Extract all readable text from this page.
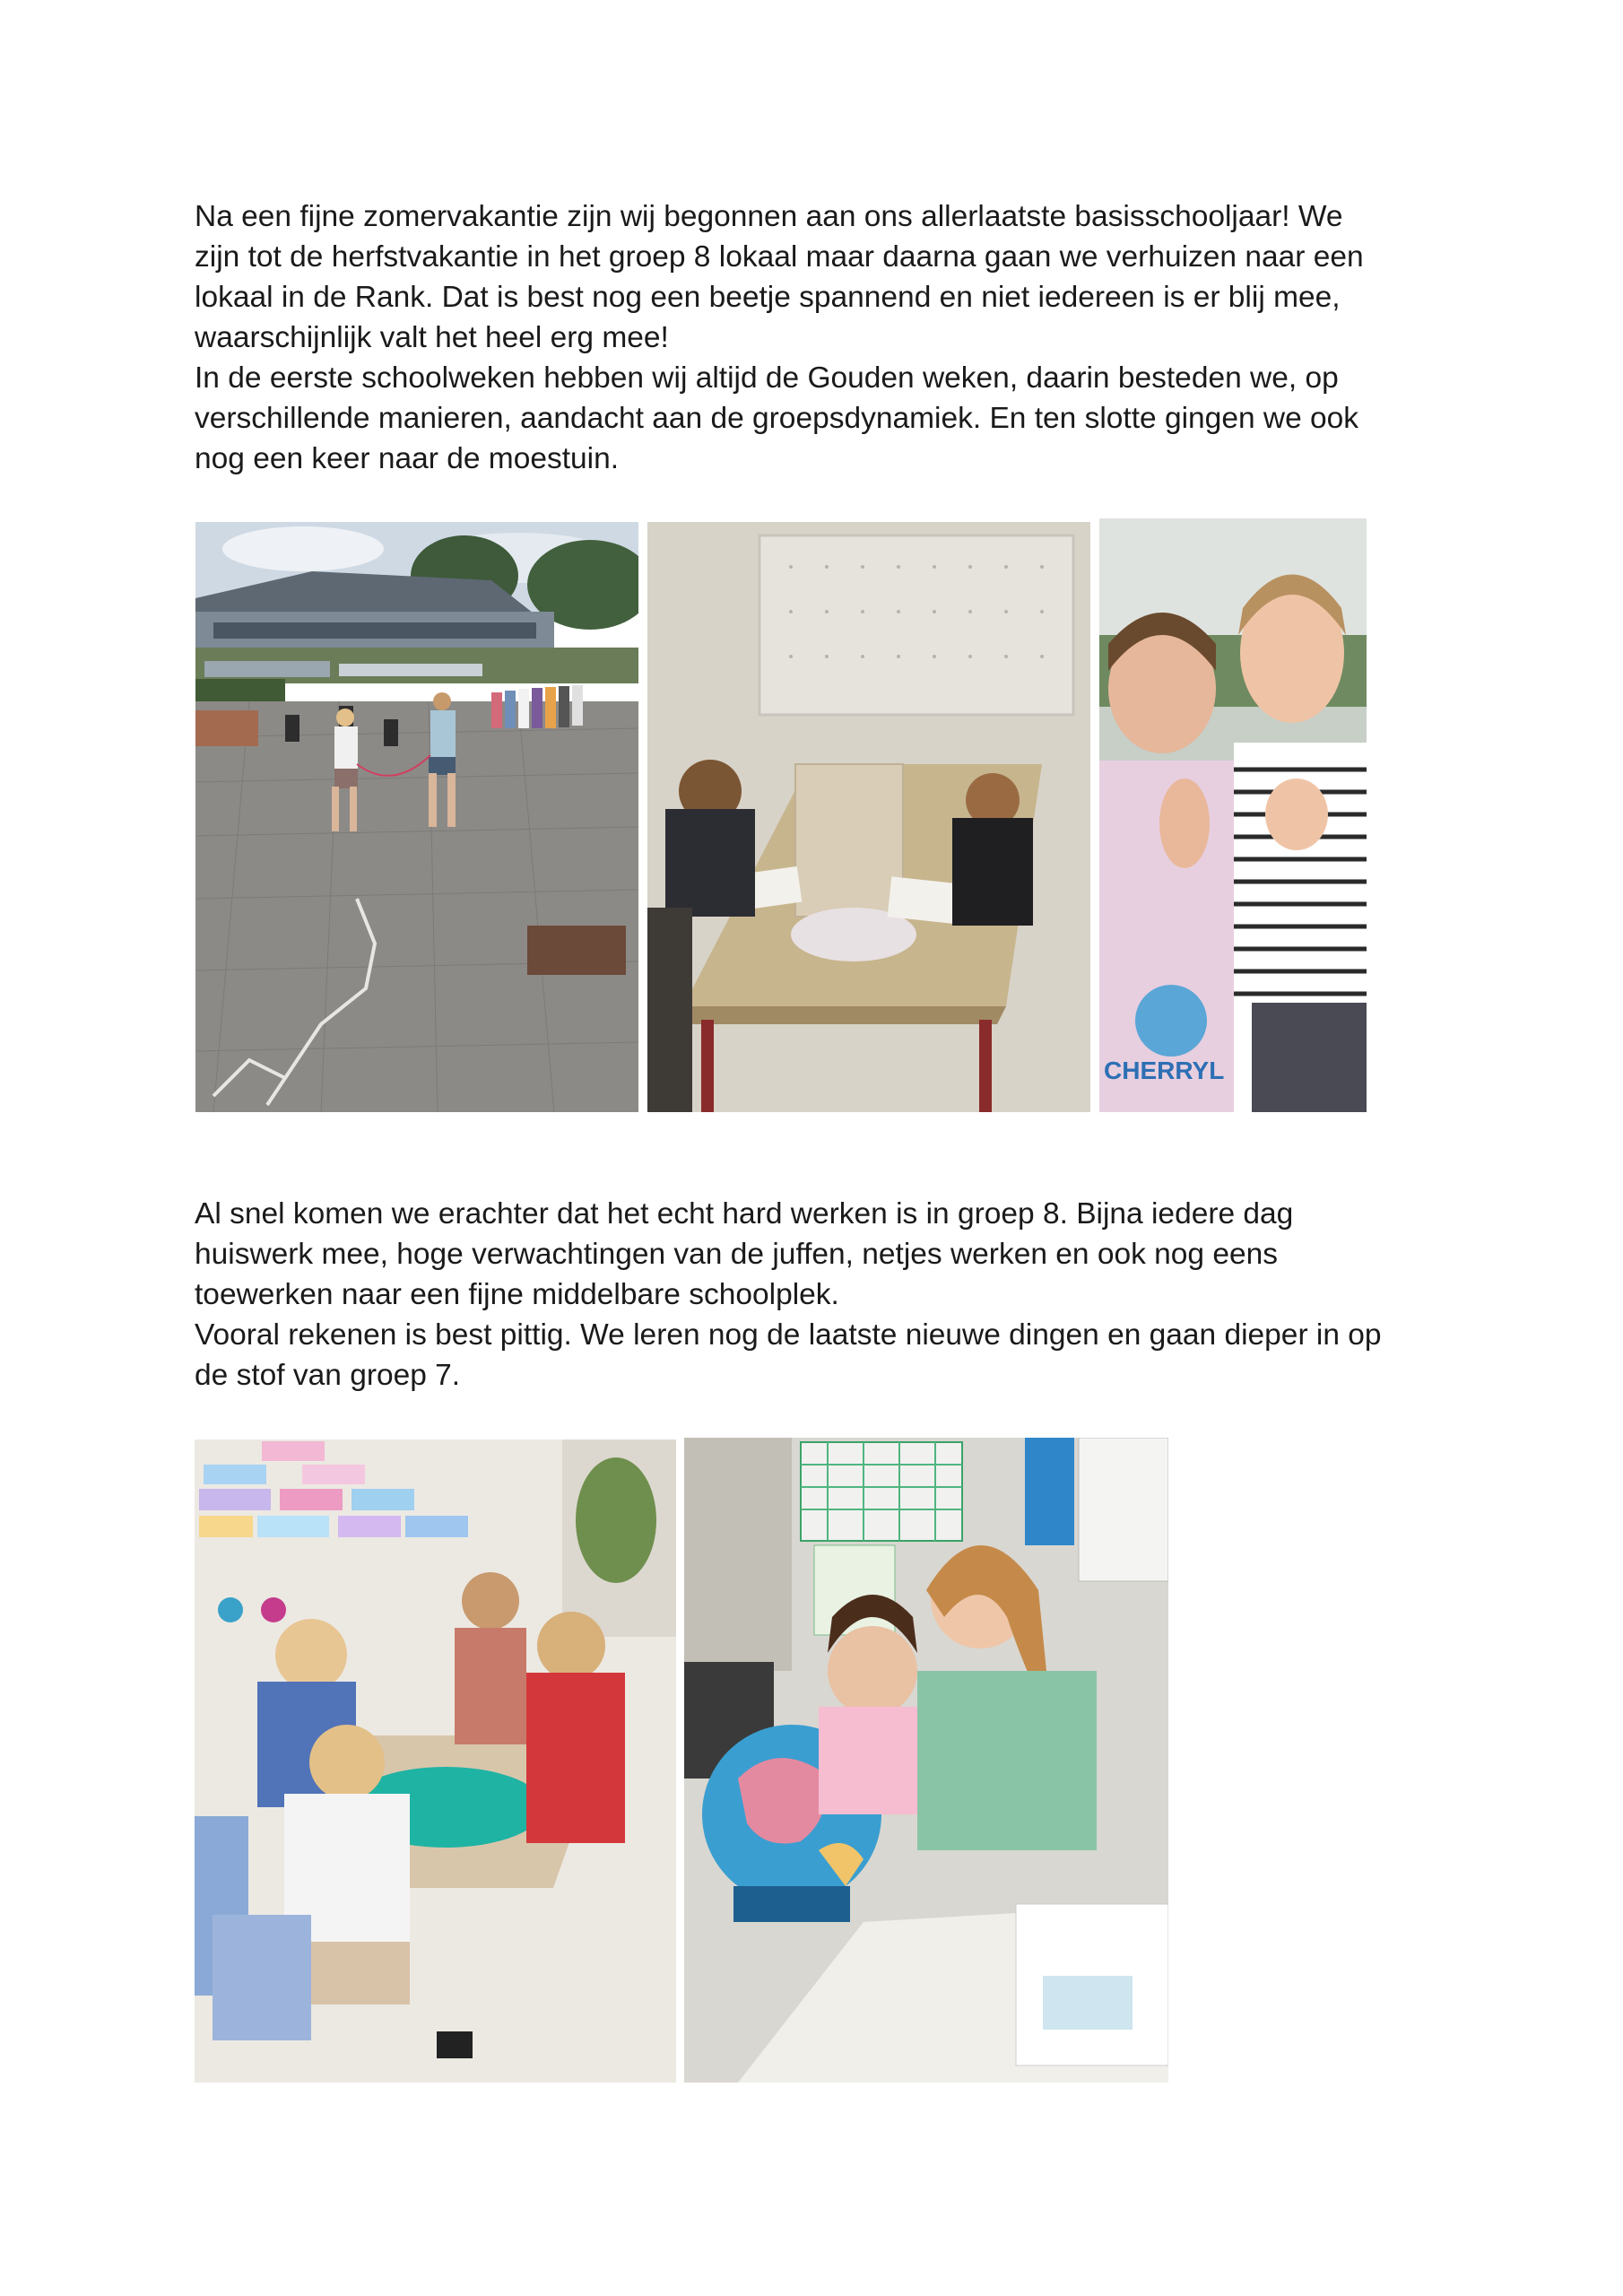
Na een fijne zomervakantie zijn wij begonnen aan ons allerlaatste basisschooljaar! We
zijn tot de herfstvakantie in het groep 8 lokaal maar daarna gaan we verhuizen naar een
lokaal in de Rank. Dat is best nog een beetje spannend en niet iedereen is er blij mee,
waarschijnlijk valt het heel erg mee!
In de eerste schoolweken hebben wij altijd de Gouden weken, daarin besteden we, op
verschillende manieren, aandacht aan de groepsdynamiek. En ten slotte gingen we ook
nog een keer naar de moestuin.
CHERRYL
Al snel komen we erachter dat het echt hard werken is in groep 8. Bijna iedere dag
huiswerk mee, hoge verwachtingen van de juffen, netjes werken en ook nog eens
toewerken naar een fijne middelbare schoolplek.
Vooral rekenen is best pittig. We leren nog de laatste nieuwe dingen en gaan dieper in op
de stof van groep 7.
